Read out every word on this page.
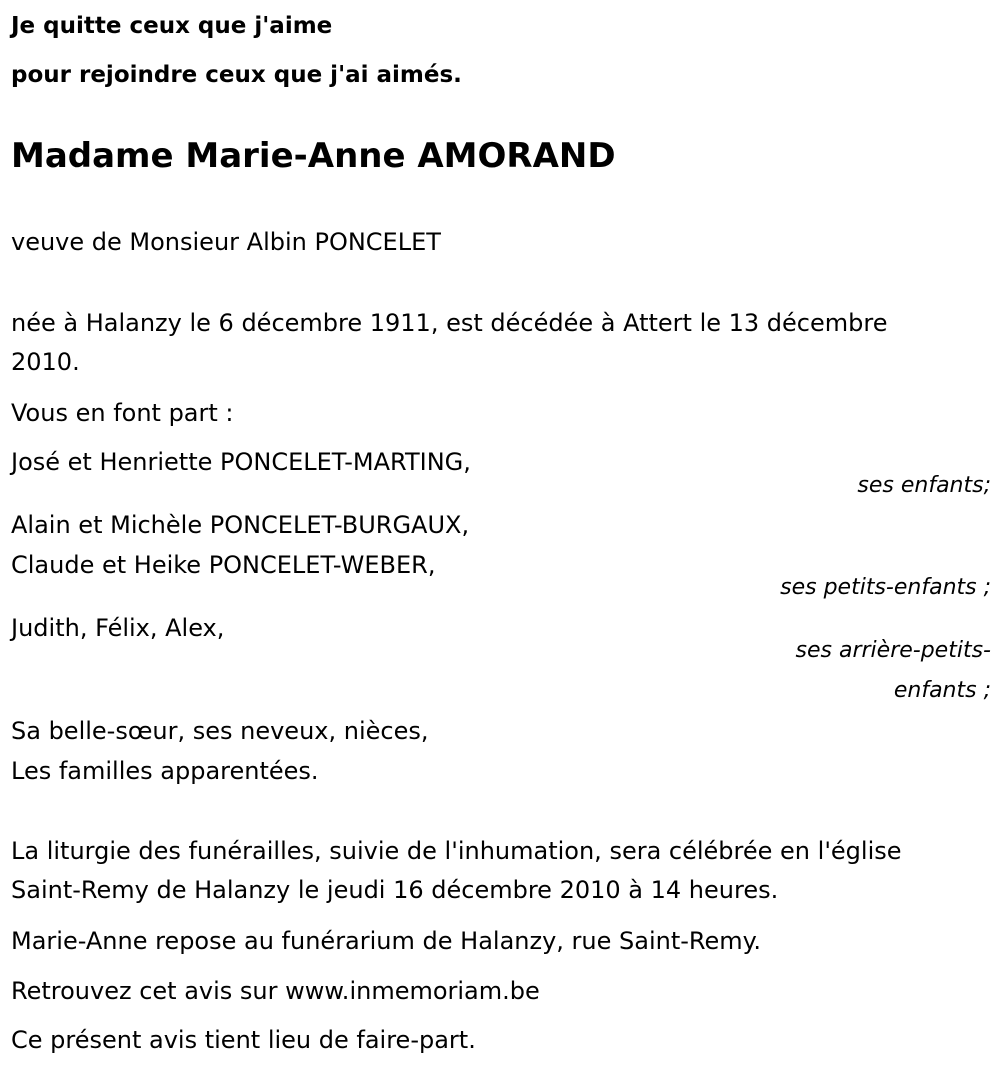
Je quitte ceux que j'aime

pour rejoindre ceux que j'ai aimés.

Madame Marie-Anne AMORAND

veuve de Monsieur Albin PONCELET

née à Halanzy le 6 décembre 1911, est décédée à Attert le 13 décembre

2010.

Vous en font part :

José et Henriette PONCELET-MARTING,

ses enfants;

Alain et Michèle PONCELET-BURGAUX,

Claude et Heike PONCELET-WEBER,

ses petits-enfants ;

Judith, Félix, Alex,

ses arrière-petits-

enfants ;

Sa belle-sœur, ses neveux, nièces,

Les familles apparentées.

La liturgie des funérailles, suivie de l'inhumation, sera célébrée en l'église

Saint-Remy de Halanzy le jeudi 16 décembre 2010 à 14 heures.

Marie-Anne repose au funérarium de Halanzy, rue Saint-Remy.

Retrouvez cet avis sur www.inmemoriam.be

Ce présent avis tient lieu de faire-part.
